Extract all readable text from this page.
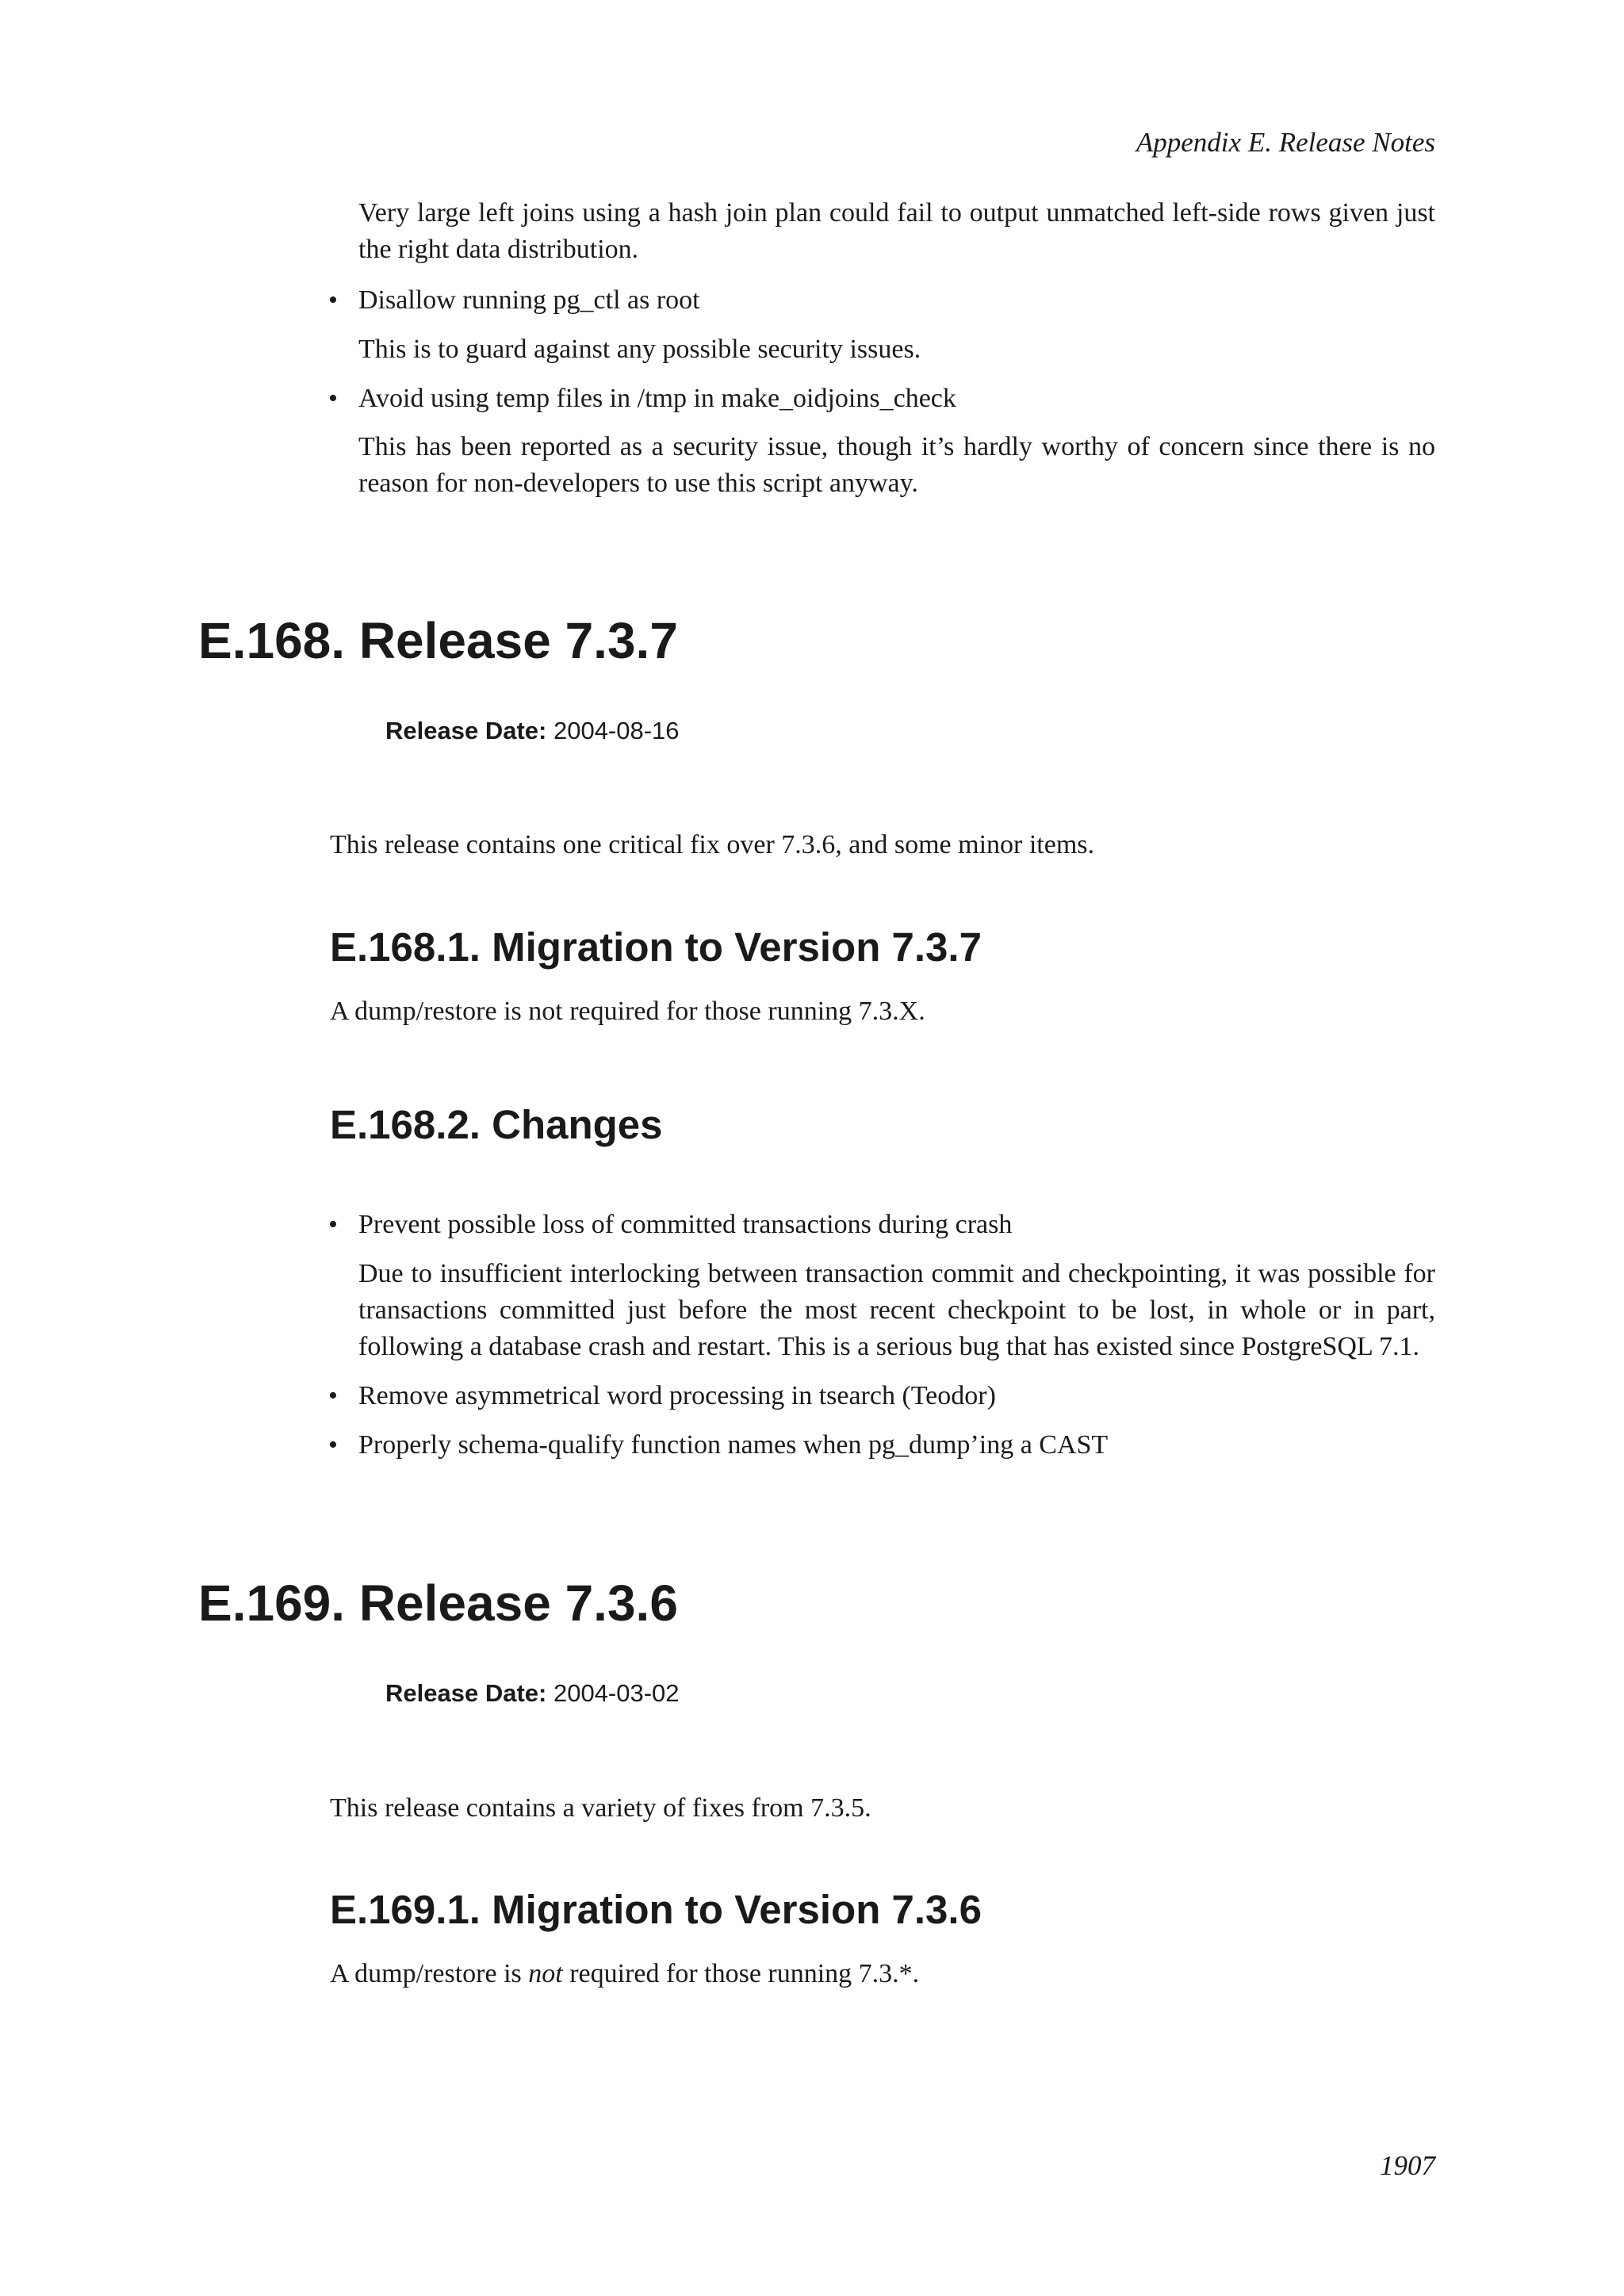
Appendix E. Release Notes
Very large left joins using a hash join plan could fail to output unmatched left-side rows given just the right data distribution.
• Disallow running pg_ctl as root
This is to guard against any possible security issues.
• Avoid using temp files in /tmp in make_oidjoins_check
This has been reported as a security issue, though it’s hardly worthy of concern since there is no reason for non-developers to use this script anyway.
E.168. Release 7.3.7
Release Date: 2004-08-16
This release contains one critical fix over 7.3.6, and some minor items.
E.168.1. Migration to Version 7.3.7
A dump/restore is not required for those running 7.3.X.
E.168.2. Changes
• Prevent possible loss of committed transactions during crash
Due to insufficient interlocking between transaction commit and checkpointing, it was possible for transactions committed just before the most recent checkpoint to be lost, in whole or in part, following a database crash and restart. This is a serious bug that has existed since PostgreSQL 7.1.
• Remove asymmetrical word processing in tsearch (Teodor)
• Properly schema-qualify function names when pg_dump’ing a CAST
E.169. Release 7.3.6
Release Date: 2004-03-02
This release contains a variety of fixes from 7.3.5.
E.169.1. Migration to Version 7.3.6
A dump/restore is not required for those running 7.3.*.
1907
